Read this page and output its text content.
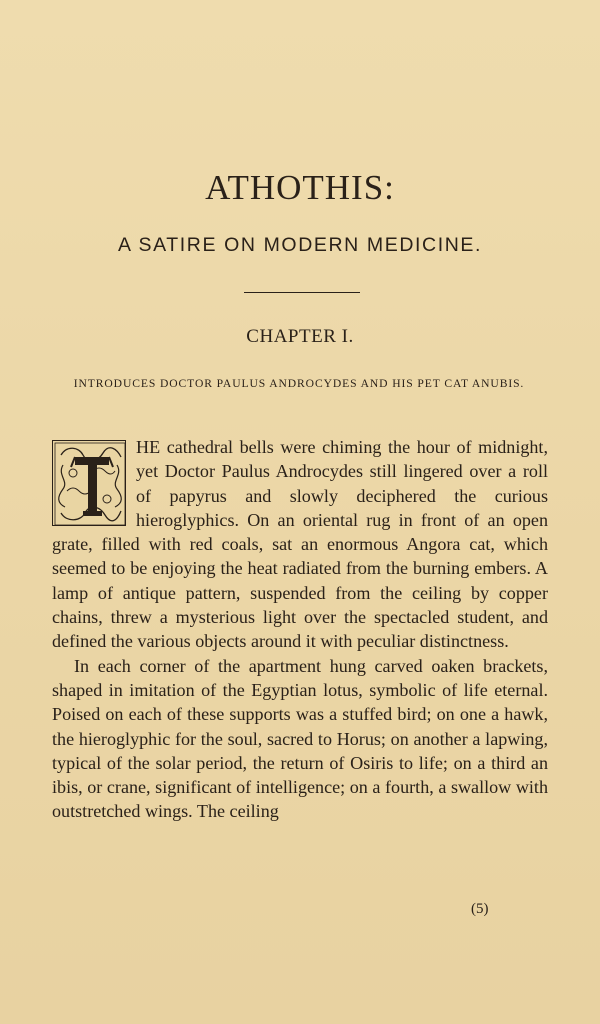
ATHOTHIS:
A SATIRE ON MODERN MEDICINE.
CHAPTER I.
INTRODUCES DOCTOR PAULUS ANDROCYDES AND HIS PET CAT ANUBIS.

HE cathedral bells were chiming the hour of midnight, yet Doctor Paulus Androcydes still lingered over a roll of papyrus and slowly deciphered the curious hieroglyphics. On an oriental rug in front of an open grate, filled with red coals, sat an enormous Angora cat, which seemed to be enjoying the heat radiated from the burning embers. A lamp of antique pattern, suspended from the ceiling by copper chains, threw a mysterious light over the spectacled student, and defined the various objects around it with peculiar distinctness.

In each corner of the apartment hung carved oaken brackets, shaped in imitation of the Egyptian lotus, symbolic of life eternal. Poised on each of these supports was a stuffed bird; on one a hawk, the hieroglyphic for the soul, sacred to Horus; on another a lapwing, typical of the solar period, the return of Osiris to life; on a third an ibis, or crane, significant of intelligence; on a fourth, a swallow with outstretched wings. The ceiling

(5)
